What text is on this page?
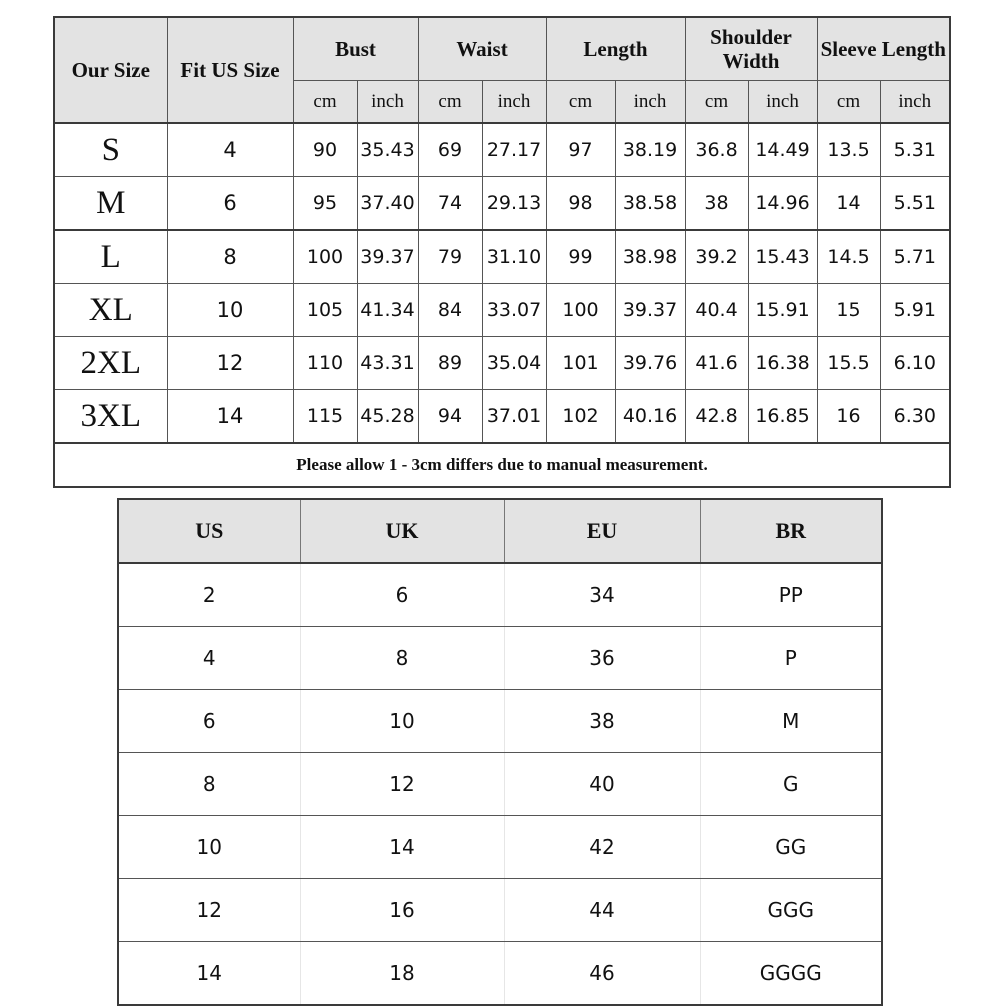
Our Size	Fit US Size	Bust		Waist		Length		Shoulder Width		Sleeve Length	
		cm	inch	cm	inch	cm	inch	cm	inch	cm	inch
S	4	90	35.43	69	27.17	97	38.19	36.8	14.49	13.5	5.31
M	6	95	37.40	74	29.13	98	38.58	38	14.96	14	5.51
L	8	100	39.37	79	31.10	99	38.98	39.2	15.43	14.5	5.71
XL	10	105	41.34	84	33.07	100	39.37	40.4	15.91	15	5.91
2XL	12	110	43.31	89	35.04	101	39.76	41.6	16.38	15.5	6.10
3XL	14	115	45.28	94	37.01	102	40.16	42.8	16.85	16	6.30
Please allow 1 - 3cm differs due to manual measurement.											
US	UK	EU	BR
2	6	34	PP
4	8	36	P
6	10	38	M
8	12	40	G
10	14	42	GG
12	16	44	GGG
14	18	46	GGGG
